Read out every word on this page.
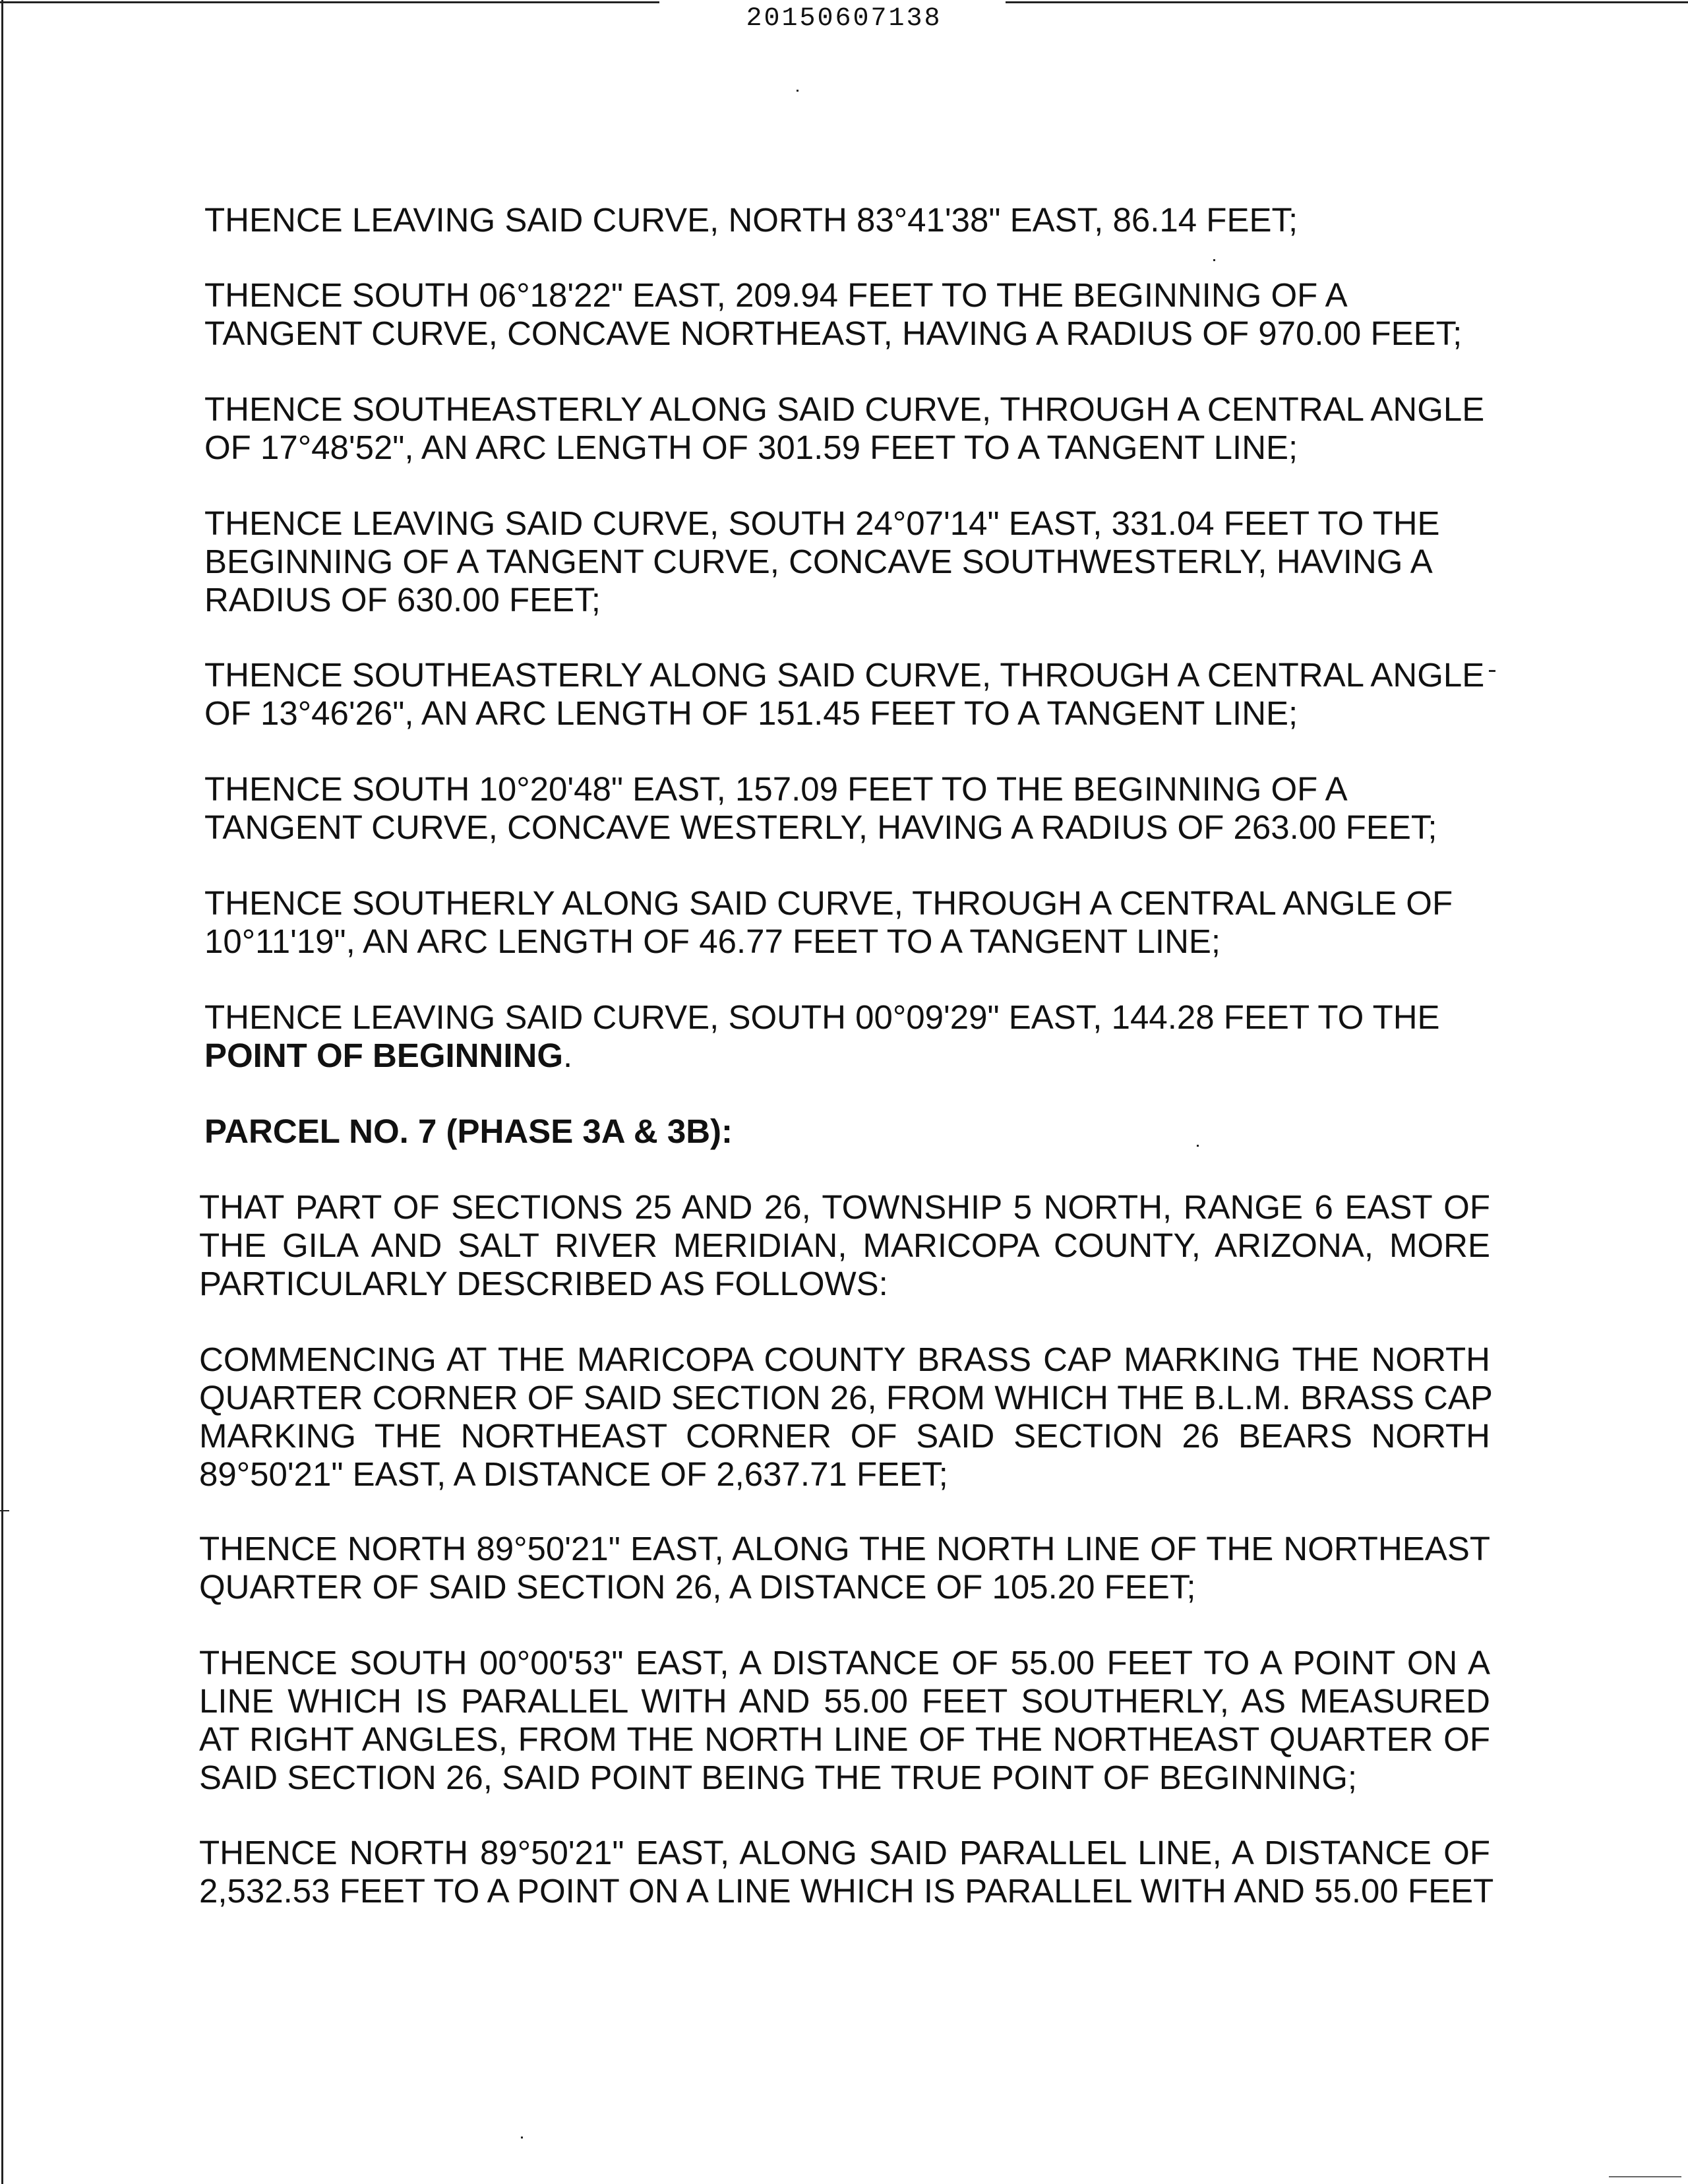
20150607138
THENCE LEAVING SAID CURVE, NORTH 83°41'38" EAST, 86.14 FEET;
THENCE SOUTH 06°18'22" EAST, 209.94 FEET TO THE BEGINNING OF A
TANGENT CURVE, CONCAVE NORTHEAST, HAVING A RADIUS OF 970.00 FEET;
THENCE SOUTHEASTERLY ALONG SAID CURVE, THROUGH A CENTRAL ANGLE
OF 17°48'52", AN ARC LENGTH OF 301.59 FEET TO A TANGENT LINE;
THENCE LEAVING SAID CURVE, SOUTH 24°07'14" EAST, 331.04 FEET TO THE
BEGINNING OF A TANGENT CURVE, CONCAVE SOUTHWESTERLY, HAVING A
RADIUS OF 630.00 FEET;
THENCE SOUTHEASTERLY ALONG SAID CURVE, THROUGH A CENTRAL ANGLE
OF 13°46'26", AN ARC LENGTH OF 151.45 FEET TO A TANGENT LINE;
THENCE SOUTH 10°20'48" EAST, 157.09 FEET TO THE BEGINNING OF A
TANGENT CURVE, CONCAVE WESTERLY, HAVING A RADIUS OF 263.00 FEET;
THENCE SOUTHERLY ALONG SAID CURVE, THROUGH A CENTRAL ANGLE OF
10°11'19", AN ARC LENGTH OF 46.77 FEET TO A TANGENT LINE;
THENCE LEAVING SAID CURVE, SOUTH 00°09'29" EAST, 144.28 FEET TO THE
POINT OF BEGINNING.
PARCEL NO. 7 (PHASE 3A & 3B):
THAT PART OF SECTIONS 25 AND 26, TOWNSHIP 5 NORTH, RANGE 6 EAST OF
THE GILA AND SALT RIVER MERIDIAN, MARICOPA COUNTY, ARIZONA, MORE
PARTICULARLY DESCRIBED AS FOLLOWS:
COMMENCING AT THE MARICOPA COUNTY BRASS CAP MARKING THE NORTH
QUARTER CORNER OF SAID SECTION 26, FROM WHICH THE B.L.M. BRASS CAP
MARKING THE NORTHEAST CORNER OF SAID SECTION 26 BEARS NORTH
89°50'21" EAST, A DISTANCE OF 2,637.71 FEET;
THENCE NORTH 89°50'21" EAST, ALONG THE NORTH LINE OF THE NORTHEAST
QUARTER OF SAID SECTION 26, A DISTANCE OF 105.20 FEET;
THENCE SOUTH 00°00'53" EAST, A DISTANCE OF 55.00 FEET TO A POINT ON A
LINE WHICH IS PARALLEL WITH AND 55.00 FEET SOUTHERLY, AS MEASURED
AT RIGHT ANGLES, FROM THE NORTH LINE OF THE NORTHEAST QUARTER OF
SAID SECTION 26, SAID POINT BEING THE TRUE POINT OF BEGINNING;
THENCE NORTH 89°50'21" EAST, ALONG SAID PARALLEL LINE, A DISTANCE OF
2,532.53 FEET TO A POINT ON A LINE WHICH IS PARALLEL WITH AND 55.00 FEET
